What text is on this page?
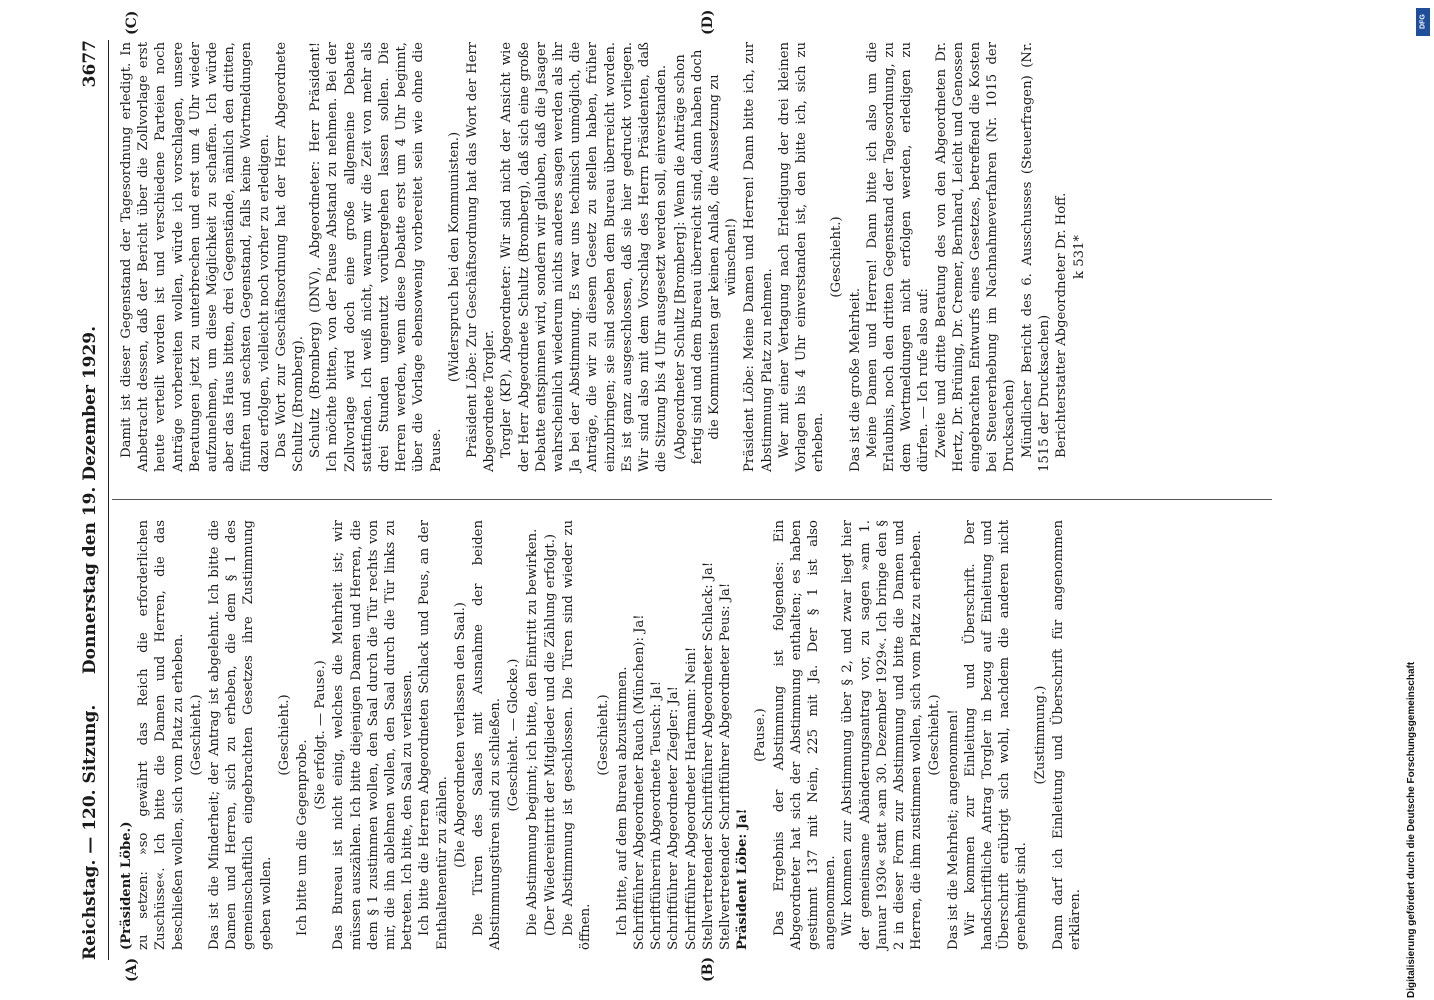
Reichstag. — 120. Sitzung.
Donnerstag den 19. Dezember 1929.
3677
(A)	(B)
(C)	(D)

(Präsident Löbe.) zu setzen: »so gewährt das Reich die erforderlichen Zuschüsse«. Ich bitte die Damen und Herren, die das beschließen wollen, sich vom Platz zu erheben. (Geschieht.) Das ist die Minderheit; der Antrag ist abgelehnt. Ich bitte die Damen und Herren, sich zu erheben, die dem § 1 des gemeinschaftlich eingebrachten Gesetzes ihre Zustimmung geben wollen.

(Geschieht.)

Ich bitte um die Gegenprobe.

(Sie erfolgt. — Pause.) Das Bureau ist nicht einig, welches die Mehrheit ist; wir müssen auszählen. Ich bitte diejenigen Damen und Herren, die dem § 1 zustimmen wollen, den Saal durch die Tür rechts von mir, die ihn ablehnen wollen, den Saal durch die Tür links zu betreten. Ich bitte, den Saal zu verlassen. Ich bitte die Herren Abgeordneten Schlack und Peus, an der Enthaltenentür zu zählen. (Die Abgeordneten verlassen den Saal.) Die Türen des Saales mit Ausnahme der beiden Abstimmungstüren sind zu schließen. (Geschieht. — Glocke.) Die Abstimmung beginnt; ich bitte, den Eintritt zu bewirken. (Der Wiedereintritt der Mitglieder und die Zählung erfolgt.) Die Abstimmung ist geschlossen. Die Türen sind wieder zu öffnen.

(Geschieht.) Ich bitte, auf dem Bureau abzustimmen. Schriftführer Abgeordneter Rauch (München): Ja! Schriftführerin Abgeordnete Teusch: Ja! Schriftführer Abgeordneter Ziegler: Ja! Schriftführer Abgeordneter Hartmann: Nein! Stellvertretender Schriftführer Abgeordneter Schlack: Ja! Stellvertretender Schriftführer Abgeordneter Peus: Ja! Präsident Löbe: Ja!

(Pause.) Das Ergebnis der Abstimmung ist folgendes: Ein Abgeordneter hat sich der Abstimmung enthalten; es haben gestimmt 137 mit Nein, 225 mit Ja. Der § 1 ist also angenommen. Wir kommen zur Abstimmung über § 2, und zwar liegt hier der gemeinsame Abänderungsantrag vor, zu sagen »am 1. Januar 1930« statt »am 30. Dezember 1929«. Ich bringe den § 2 in dieser Form zur Abstimmung und bitte die Damen und Herren, die ihm zustimmen wollen, sich vom Platz zu erheben. (Geschieht.) Das ist die Mehrheit; angenommen! Wir kommen zur Einleitung und Überschrift. Der handschriftliche Antrag Torgler in bezug auf Einleitung und Überschrift erübrigt sich wohl, nachdem die anderen nicht genehmigt sind.

(Zustimmung.) Dann darf ich Einleitung und Überschrift für angenommen erklären.

Damit ist dieser Gegenstand der Tagesordnung erledigt. In Anbetracht dessen, daß der Bericht über die Zollvorlage erst heute verteilt worden ist und verschiedene Parteien noch Anträge vorbereiten wollen, würde ich vorschlagen, unsere Beratungen jetzt zu unterbrechen und erst um 4 Uhr wieder aufzunehmen, um diese Möglichkeit zu schaffen. Ich würde aber das Haus bitten, drei Gegenstände, nämlich den dritten, fünften und sechsten Gegenstand, falls keine Wortmeldungen dazu erfolgen, vielleicht noch vorher zu erledigen. Das Wort zur Geschäftsordnung hat der Herr Abgeordnete Schultz (Bromberg). Schultz (Bromberg) (DNV), Abgeordneter: Herr Präsident! Ich möchte bitten, von der Pause Abstand zu nehmen. Bei der Zollvorlage wird doch eine große allgemeine Debatte stattfinden. Ich weiß nicht, warum wir die Zeit von mehr als drei Stunden ungenutzt vorübergehen lassen sollen. Die Herren werden, wenn diese Debatte erst um 4 Uhr beginnt, über die Vorlage ebensowenig vorbereitet sein wie ohne die Pause.

(Widerspruch bei den Kommunisten.) Präsident Löbe: Zur Geschäftsordnung hat das Wort der Herr Abgeordnete Torgler. Torgler (KP), Abgeordneter: Wir sind nicht der Ansicht wie der Herr Abgeordnete Schultz (Bromberg), daß sich eine große Debatte entspinnen wird, sondern wir glauben, daß die Jasager wahrscheinlich wiederum nichts anderes sagen werden als ihr Ja bei der Abstimmung. Es war uns technisch unmöglich, die Anträge, die wir zu diesem Gesetz zu stellen haben, früher einzubringen; sie sind soeben dem Bureau überreicht worden. Es ist ganz ausgeschlossen, daß sie hier gedruckt vorliegen. Wir sind also mit dem Vorschlag des Herrn Präsidenten, daß die Sitzung bis 4 Uhr ausgesetzt werden soll, einverstanden. (Abgeordneter Schultz [Bromberg]: Wenn die Anträge schon fertig sind und dem Bureau überreicht sind, dann haben doch die Kommunisten gar keinen Anlaß, die Aussetzung zu wünschen!) Präsident Löbe: Meine Damen und Herren! Dann bitte ich, zur Abstimmung Platz zu nehmen. Wer mit einer Vertagung nach Erledigung der drei kleinen Vorlagen bis 4 Uhr einverstanden ist, den bitte ich, sich zu erheben.

(Geschieht.)

Das ist die große Mehrheit. Meine Damen und Herren! Dann bitte ich also um die Erlaubnis, noch den dritten Gegenstand der Tagesordnung, zu dem Wortmeldungen nicht erfolgen werden, erledigen zu dürfen. — Ich rufe also auf: Zweite und dritte Beratung des von den Abgeordneten Dr. Hertz, Dr. Brüning, Dr. Cremer, Bernhard, Leicht und Genossen eingebrachten Entwurfs eines Gesetzes, betreffend die Kosten bei Steuererhebung im Nachnahmeverfahren (Nr. 1015 der Drucksachen) Mündlicher Bericht des 6. Ausschusses (Steuerfragen) (Nr. 1515 der Drucksachen) Berichterstatter Abgeordneter Dr. Hoff. k 531*

Digitalisierung gefördert durch die Deutsche Forschungsgemeinschaft
DFG
